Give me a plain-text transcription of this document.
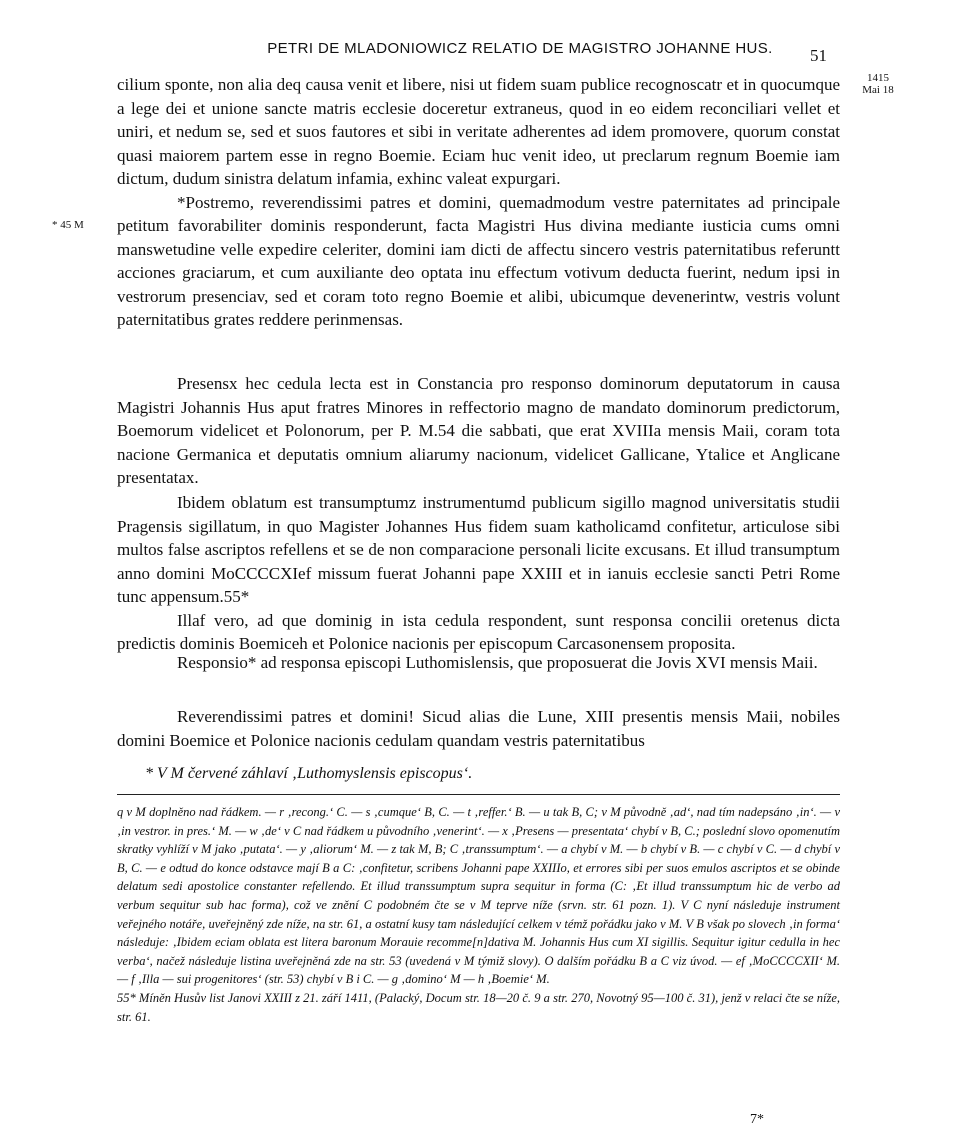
PETRI DE MLADONIOWICZ RELATIO DE MAGISTRO JOHANNE HUS.	51
1415
Mai 18
* 45 M

cilium sponte, non alia deq causa venit et libere, nisi ut fidem suam publice recognoscatr et in quocumque a lege dei et unione sancte matris ecclesie doceretur extraneus, quod in eo eidem reconciliari vellet et uniri, et nedum se, sed et suos fautores et sibi in veritate adherentes ad idem promovere, quorum constat quasi maiorem partem esse in regno Boemie. Eciam huc venit ideo, ut preclarum regnum Boemie iam dictum, dudum sinistra delatum infamia, exhinc valeat expurgari.

*Postremo, reverendissimi patres et domini, quemadmodum vestre paternitates ad principale petitum favorabiliter dominis responderunt, facta Magistri Hus divina mediante iusticia cums omni manswetudine velle expedire celeriter, domini iam dicti de affectu sincero vestris paternitatibus referuntt acciones graciarum, et cum auxiliante deo optata inu effectum votivum deducta fuerint, nedum ipsi in vestrorum presenciav, sed et coram toto regno Boemie et alibi, ubicumque devenerintw, vestris volunt paternitatibus grates reddere perinmensas.

Presensx hec cedula lecta est in Constancia pro responso dominorum deputatorum in causa Magistri Johannis Hus aput fratres Minores in reffectorio magno de mandato dominorum predictorum, Boemorum videlicet et Polonorum, per P. M.54 die sabbati, que erat XVIIIa mensis Maii, coram tota nacione Germanica et deputatis omnium aliarumy nacionum, videlicet Gallicane, Ytalice et Anglicane presentatax.

Ibidem oblatum est transumptumz instrumentumd publicum sigillo magnod universitatis studii Pragensis sigillatum, in quo Magister Johannes Hus fidem suam katholicamd confitetur, articulose sibi multos false ascriptos refellens et se de non comparacione personali licite excusans. Et illud transumptum anno domini MoCCCCXIef missum fuerat Johanni pape XXIII et in ianuis ecclesie sancti Petri Rome tunc appensum.55*

Illaf vero, ad que dominig in ista cedula respondent, sunt responsa concilii oretenus dicta predictis dominis Boemiceh et Polonice nacionis per episcopum Carcasonensem proposita.

Responsio* ad responsa episcopi Luthomislensis, que proposuerat die Jovis XVI mensis Maii.

Reverendissimi patres et domini! Sicud alias die Lune, XIII presentis mensis Maii, nobiles domini Boemice et Polonice nacionis cedulam quandam vestris paternitatibus

* V M červené záhlaví ‚Luthomyslensis episcopus‘.

q v M doplněno nad řádkem. — r ‚recong.‘ C. — s ‚cumque‘ B, C. — t ‚reffer.‘ B. — u tak B, C; v M původně ‚ad‘, nad tím nadepsáno ‚in‘. — v ‚in vestror. in pres.‘ M. — w ‚de‘ v C nad řádkem u původního ‚venerint‘. — x ‚Presens — presentata‘ chybí v B, C.; poslední slovo opomenutím skratky vyhlíží v M jako ‚putata‘. — y ‚aliorum‘ M. — z tak M, B; C ‚transsumptum‘. — a chybí v M. — b chybí v B. — c chybí v C. — d chybí v B, C. — e odtud do konce odstavce mají B a C: ‚confitetur, scribens Johanni pape XXIIIo, et errores sibi per suos emulos ascriptos et se obinde delatum sedi apostolice constanter refellendo. Et illud transsumptum supra sequitur in forma (C: ‚Et illud transsumptum hic de verbo ad verbum sequitur sub hac forma), což ve znění C podobném čte se v M teprve níže (srvn. str. 61 pozn. 1). V C nyní následuje instrument veřejného notáře, uveřejněný zde níže, na str. 61, a ostatní kusy tam následující celkem v témž pořádku jako v M. V B však po slovech ‚in forma‘ následuje: ‚Ibidem eciam oblata est litera baronum Morauie recomme[n]dativa M. Johannis Hus cum XI sigillis. Sequitur igitur cedulla in hec verba‘, načež následuje listina uveřejněná zde na str. 53 (uvedená v M týmiž slovy). O dalším pořádku B a C viz úvod. — ef ‚MoCCCCXII‘ M. — f ‚Illa — sui progenitores‘ (str. 53) chybí v B i C. — g ‚domino‘ M — h ‚Boemie‘ M.

55* Míněn Husův list Janovi XXIII z 21. září 1411, (Palacký, Docum str. 18—20 č. 9 a str. 270, Novotný 95—100 č. 31), jenž v relaci čte se níže, str. 61.

7*
